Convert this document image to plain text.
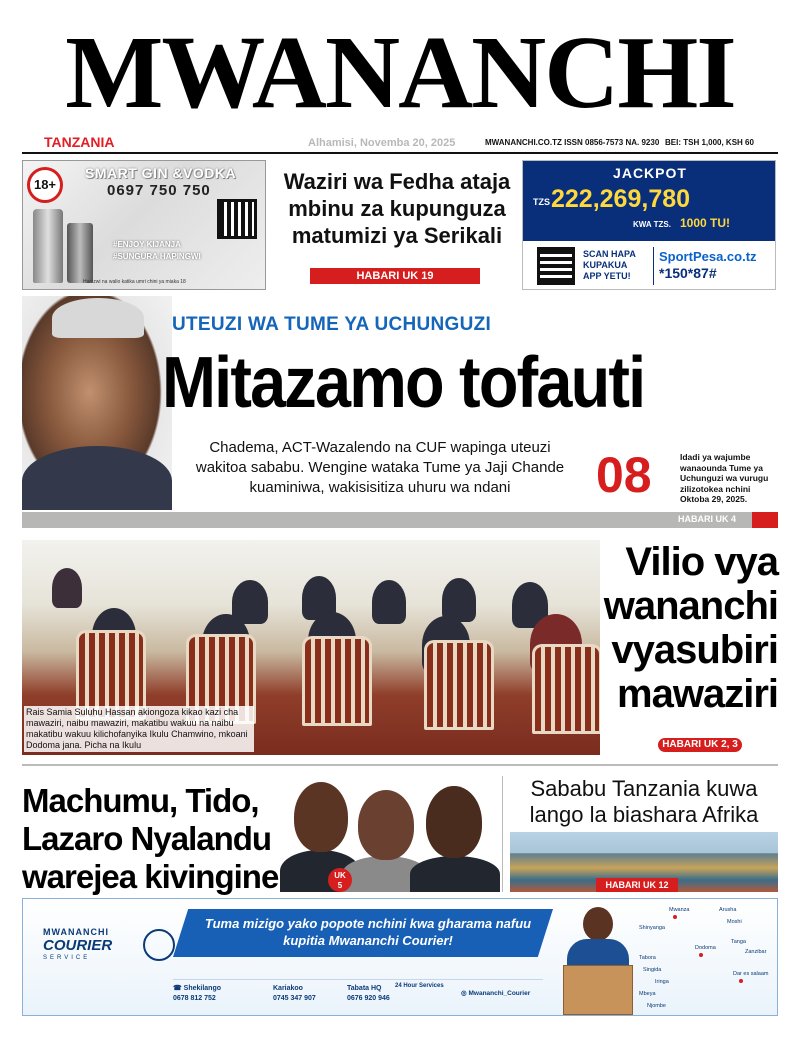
MWANANCHI
TANZANIA	Alhamisi, Novemba 20, 2025	MWANANCHI.CO.TZ ISSN 0856-7573 NA. 9230 BEI: TSH 1,000, KSH 60
18+
SMART GIN &VODKA
0697 750 750
#ENJOY KIJANJA
#SUNGURA HAPINGWI
Haiuzwi na walio katika umri chini ya miaka 18
Waziri wa Fedha ataja mbinu za kupunguza matumizi ya Serikali
HABARI UK 19
JACKPOT
TZS 222,269,780
KWA TZS. 1000 TU!
SCAN HAPA
KUPAKUA
APP YETU!
SportPesa.co.tz
*150*87#
UTEUZI WA TUME YA UCHUNGUZI
Mitazamo tofauti
Chadema, ACT-Wazalendo na CUF wapinga uteuzi wakitoa sababu. Wengine wataka Tume ya Jaji Chande kuaminiwa, wakisisitiza uhuru wa ndani	08	Idadi ya wajumbe wanaounda Tume ya Uchunguzi wa vurugu zilizotokea nchini Oktoba 29, 2025.
HABARI UK 4
Rais Samia Suluhu Hassan akiongoza kikao kazi cha mawaziri, naibu mawaziri, makatibu wakuu na naibu makatibu wakuu kilichofanyika Ikulu Chamwino, mkoani Dodoma jana. Picha na Ikulu
Vilio vya wananchi vyasubiri mawaziri
HABARI UK 2, 3
Machumu, Tido, Lazaro Nyalandu warejea kivingine	UK
5
Sababu Tanzania kuwa lango la biashara Afrika
HABARI UK 12
MWANANCHI
COURIER
SERVICE
Tuma mizigo yako popote nchini kwa gharama nafuu kupitia Mwananchi Courier!
☎ Shekilango
0678 812 752
Kariakoo
0745 347 907
Tabata HQ
0676 920 946
24 Hour Services
◎ Mwananchi_Courier
Mwanza	Arusha
Shinyanga
Moshi
Dodoma
Tanga
Zanzibar
Tabora
Dar es salaam
Singida
Iringa
Mbeya
Njombe
